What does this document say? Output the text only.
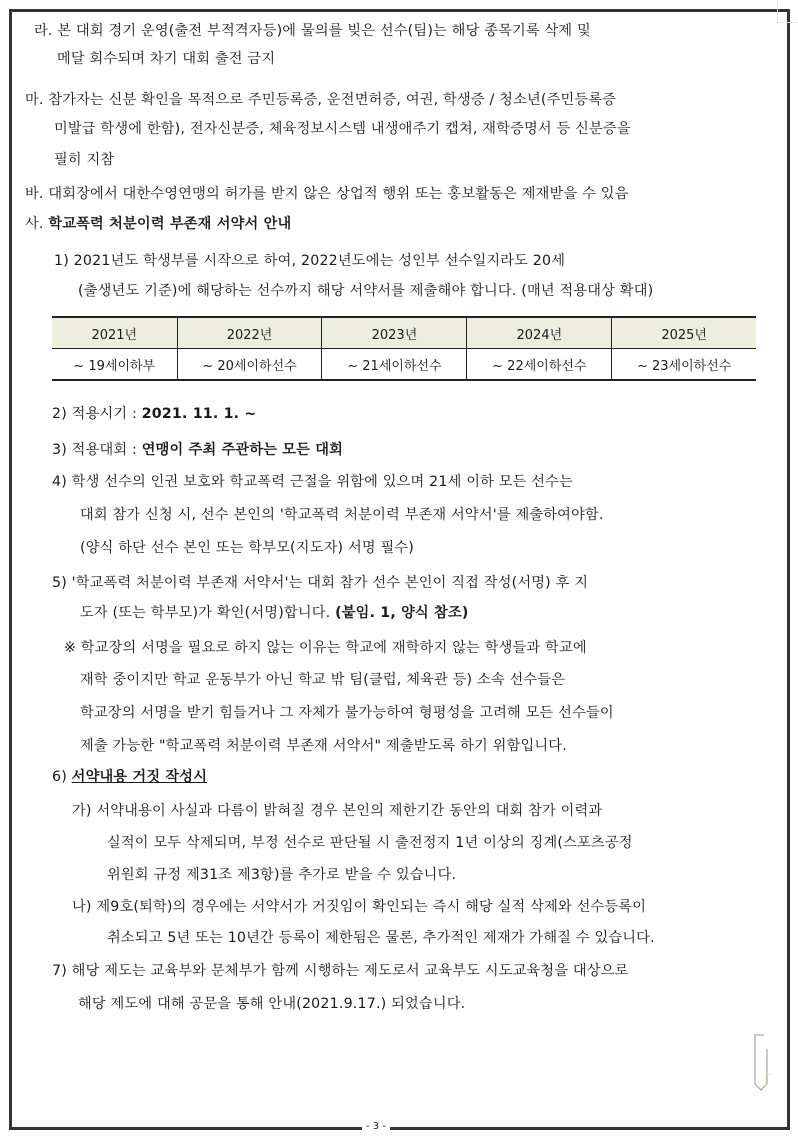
라. 본 대회 경기 운영(출전 부적격자등)에 물의를 빚은 선수(팀)는 해당 종목기록 삭제 및
메달 회수되며 차기 대회 출전 금지
마. 참가자는 신분 확인을 목적으로 주민등록증, 운전면허증, 여권, 학생증 / 청소년(주민등록증
미발급 학생에 한함), 전자신분증, 체육정보시스템 내생애주기 캡쳐, 재학증명서 등 신분증을
필히 지참
바. 대회장에서 대한수영연맹의 허가를 받지 않은 상업적 행위 또는 홍보활동은 제재받을 수 있음
사. 학교폭력 처분이력 부존재 서약서 안내
1) 2021년도 학생부를 시작으로 하여, 2022년도에는 성인부 선수일지라도 20세
(출생년도 기준)에 해당하는 선수까지 해당 서약서를 제출해야 합니다. (매년 적용대상 확대)
2021년	2022년	2023년	2024년	2025년
~ 19세이하부	~ 20세이하선수	~ 21세이하선수	~ 22세이하선수	~ 23세이하선수
2) 적용시기 : 2021. 11. 1. ~
3) 적용대회 : 연맹이 주최 주관하는 모든 대회
4) 학생 선수의 인권 보호와 학교폭력 근절을 위함에 있으며 21세 이하 모든 선수는
대회 참가 신청 시, 선수 본인의 '학교폭력 처분이력 부존재 서약서'를 제출하여야함.
(양식 하단 선수 본인 또는 학부모(지도자) 서명 필수)
5) '학교폭력 처분이력 부존재 서약서'는 대회 참가 선수 본인이 직접 작성(서명) 후 지
도자 (또는 학부모)가 확인(서명)합니다. (붙임. 1, 양식 참조)
※ 학교장의 서명을 필요로 하지 않는 이유는 학교에 재학하지 않는 학생들과 학교에
재학 중이지만 학교 운동부가 아닌 학교 밖 팀(클럽, 체육관 등) 소속 선수들은
학교장의 서명을 받기 힘들거나 그 자체가 불가능하여 형평성을 고려해 모든 선수들이
제출 가능한 "학교폭력 처분이력 부존재 서약서" 제출받도록 하기 위함입니다.
6) 서약내용 거짓 작성시
가) 서약내용이 사실과 다름이 밝혀질 경우 본인의 제한기간 동안의 대회 참가 이력과
실적이 모두 삭제되며, 부정 선수로 판단될 시 출전정지 1년 이상의 징계(스포츠공정
위원회 규정 제31조 제3항)를 추가로 받을 수 있습니다.
나) 제9호(퇴학)의 경우에는 서약서가 거짓임이 확인되는 즉시 해당 실적 삭제와 선수등록이
취소되고 5년 또는 10년간 등록이 제한됨은 물론, 추가적인 제재가 가해질 수 있습니다.
7) 해당 제도는 교육부와 문체부가 함께 시행하는 제도로서 교육부도 시도교육청을 대상으로
해당 제도에 대해 공문을 통해 안내(2021.9.17.) 되었습니다.
- 3 -
